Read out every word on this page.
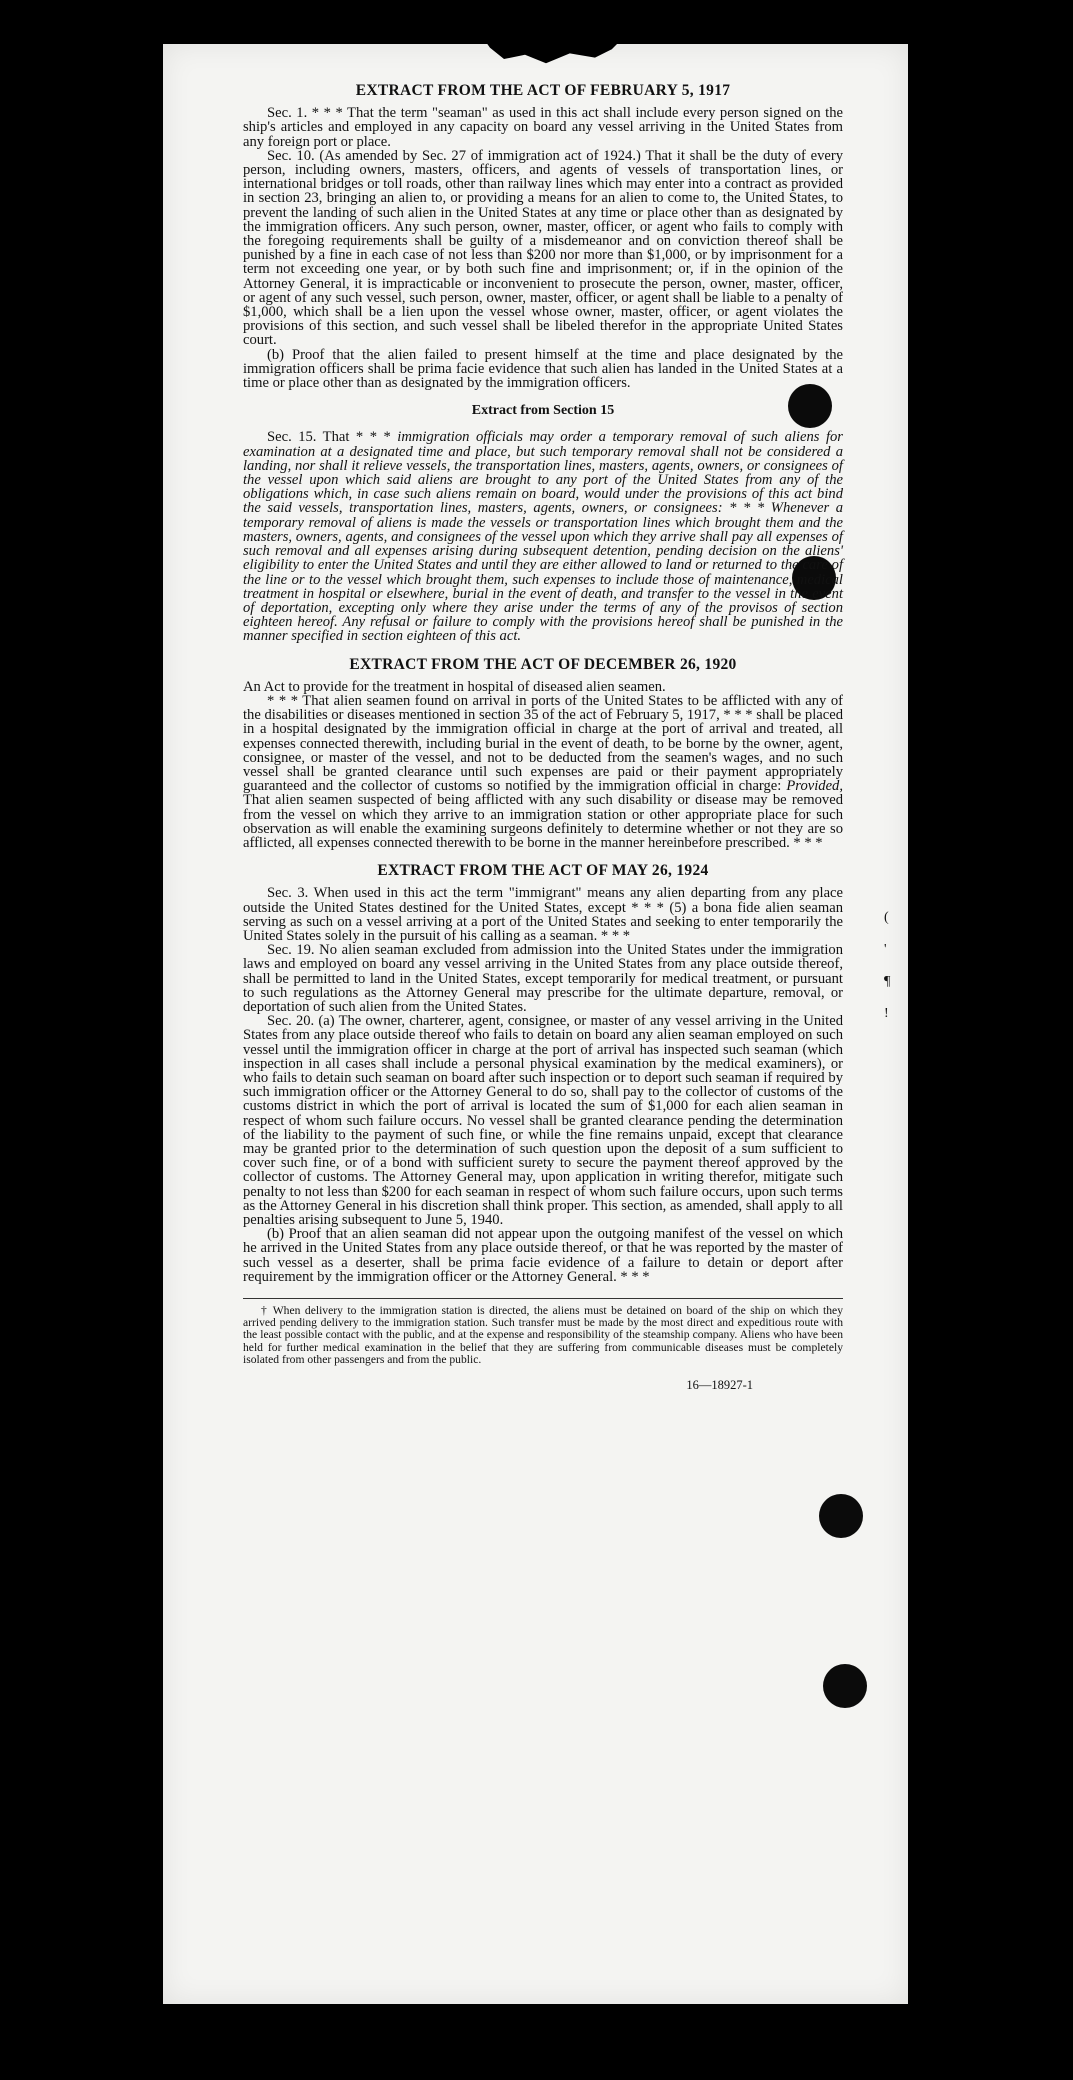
EXTRACT FROM THE ACT OF FEBRUARY 5, 1917

Sec. 1. * * * That the term "seaman" as used in this act shall include every person signed on the ship's articles and employed in any capacity on board any vessel arriving in the United States from any foreign port or place.

Sec. 10. (As amended by Sec. 27 of immigration act of 1924.) That it shall be the duty of every person, including owners, masters, officers, and agents of vessels of transportation lines, or international bridges or toll roads, other than railway lines which may enter into a contract as provided in section 23, bringing an alien to, or providing a means for an alien to come to, the United States, to prevent the landing of such alien in the United States at any time or place other than as designated by the immigration officers. Any such person, owner, master, officer, or agent who fails to comply with the foregoing requirements shall be guilty of a misdemeanor and on conviction thereof shall be punished by a fine in each case of not less than $200 nor more than $1,000, or by imprisonment for a term not exceeding one year, or by both such fine and imprisonment; or, if in the opinion of the Attorney General, it is impracticable or inconvenient to prosecute the person, owner, master, officer, or agent of any such vessel, such person, owner, master, officer, or agent shall be liable to a penalty of $1,000, which shall be a lien upon the vessel whose owner, master, officer, or agent violates the provisions of this section, and such vessel shall be libeled therefor in the appropriate United States court.

(b) Proof that the alien failed to present himself at the time and place designated by the immigration officers shall be prima facie evidence that such alien has landed in the United States at a time or place other than as designated by the immigration officers.

Extract from Section 15

Sec. 15. That * * * immigration officials may order a temporary removal of such aliens for examination at a designated time and place, but such temporary removal shall not be considered a landing, nor shall it relieve vessels, the transportation lines, masters, agents, owners, or consignees of the vessel upon which said aliens are brought to any port of the United States from any of the obligations which, in case such aliens remain on board, would under the provisions of this act bind the said vessels, transportation lines, masters, agents, owners, or consignees: * * * Whenever a temporary removal of aliens is made the vessels or transportation lines which brought them and the masters, owners, agents, and consignees of the vessel upon which they arrive shall pay all expenses of such removal and all expenses arising during subsequent detention, pending decision on the aliens' eligibility to enter the United States and until they are either allowed to land or returned to the care of the line or to the vessel which brought them, such expenses to include those of maintenance, medical treatment in hospital or elsewhere, burial in the event of death, and transfer to the vessel in the event of deportation, excepting only where they arise under the terms of any of the provisos of section eighteen hereof. Any refusal or failure to comply with the provisions hereof shall be punished in the manner specified in section eighteen of this act.

EXTRACT FROM THE ACT OF DECEMBER 26, 1920

An Act to provide for the treatment in hospital of diseased alien seamen.

* * * That alien seamen found on arrival in ports of the United States to be afflicted with any of the disabilities or diseases mentioned in section 35 of the act of February 5, 1917, * * * shall be placed in a hospital designated by the immigration official in charge at the port of arrival and treated, all expenses connected therewith, including burial in the event of death, to be borne by the owner, agent, consignee, or master of the vessel, and not to be deducted from the seamen's wages, and no such vessel shall be granted clearance until such expenses are paid or their payment appropriately guaranteed and the collector of customs so notified by the immigration official in charge: Provided, That alien seamen suspected of being afflicted with any such disability or disease may be removed from the vessel on which they arrive to an immigration station or other appropriate place for such observation as will enable the examining surgeons definitely to determine whether or not they are so afflicted, all expenses connected therewith to be borne in the manner hereinbefore prescribed. * * *

EXTRACT FROM THE ACT OF MAY 26, 1924

Sec. 3. When used in this act the term "immigrant" means any alien departing from any place outside the United States destined for the United States, except * * * (5) a bona fide alien seaman serving as such on a vessel arriving at a port of the United States and seeking to enter temporarily the United States solely in the pursuit of his calling as a seaman. * * *

Sec. 19. No alien seaman excluded from admission into the United States under the immigration laws and employed on board any vessel arriving in the United States from any place outside thereof, shall be permitted to land in the United States, except temporarily for medical treatment, or pursuant to such regulations as the Attorney General may prescribe for the ultimate departure, removal, or deportation of such alien from the United States.

Sec. 20. (a) The owner, charterer, agent, consignee, or master of any vessel arriving in the United States from any place outside thereof who fails to detain on board any alien seaman employed on such vessel until the immigration officer in charge at the port of arrival has inspected such seaman (which inspection in all cases shall include a personal physical examination by the medical examiners), or who fails to detain such seaman on board after such inspection or to deport such seaman if required by such immigration officer or the Attorney General to do so, shall pay to the collector of customs of the customs district in which the port of arrival is located the sum of $1,000 for each alien seaman in respect of whom such failure occurs. No vessel shall be granted clearance pending the determination of the liability to the payment of such fine, or while the fine remains unpaid, except that clearance may be granted prior to the determination of such question upon the deposit of a sum sufficient to cover such fine, or of a bond with sufficient surety to secure the payment thereof approved by the collector of customs. The Attorney General may, upon application in writing therefor, mitigate such penalty to not less than $200 for each seaman in respect of whom such failure occurs, upon such terms as the Attorney General in his discretion shall think proper. This section, as amended, shall apply to all penalties arising subsequent to June 5, 1940.

(b) Proof that an alien seaman did not appear upon the outgoing manifest of the vessel on which he arrived in the United States from any place outside thereof, or that he was reported by the master of such vessel as a deserter, shall be prima facie evidence of a failure to detain or deport after requirement by the immigration officer or the Attorney General. * * *

† When delivery to the immigration station is directed, the aliens must be detained on board of the ship on which they arrived pending delivery to the immigration station. Such transfer must be made by the most direct and expeditious route with the least possible contact with the public, and at the expense and responsibility of the steamship company. Aliens who have been held for further medical examination in the belief that they are suffering from communicable diseases must be completely isolated from other passengers and from the public.

16—18927-1
(
'
¶
!
